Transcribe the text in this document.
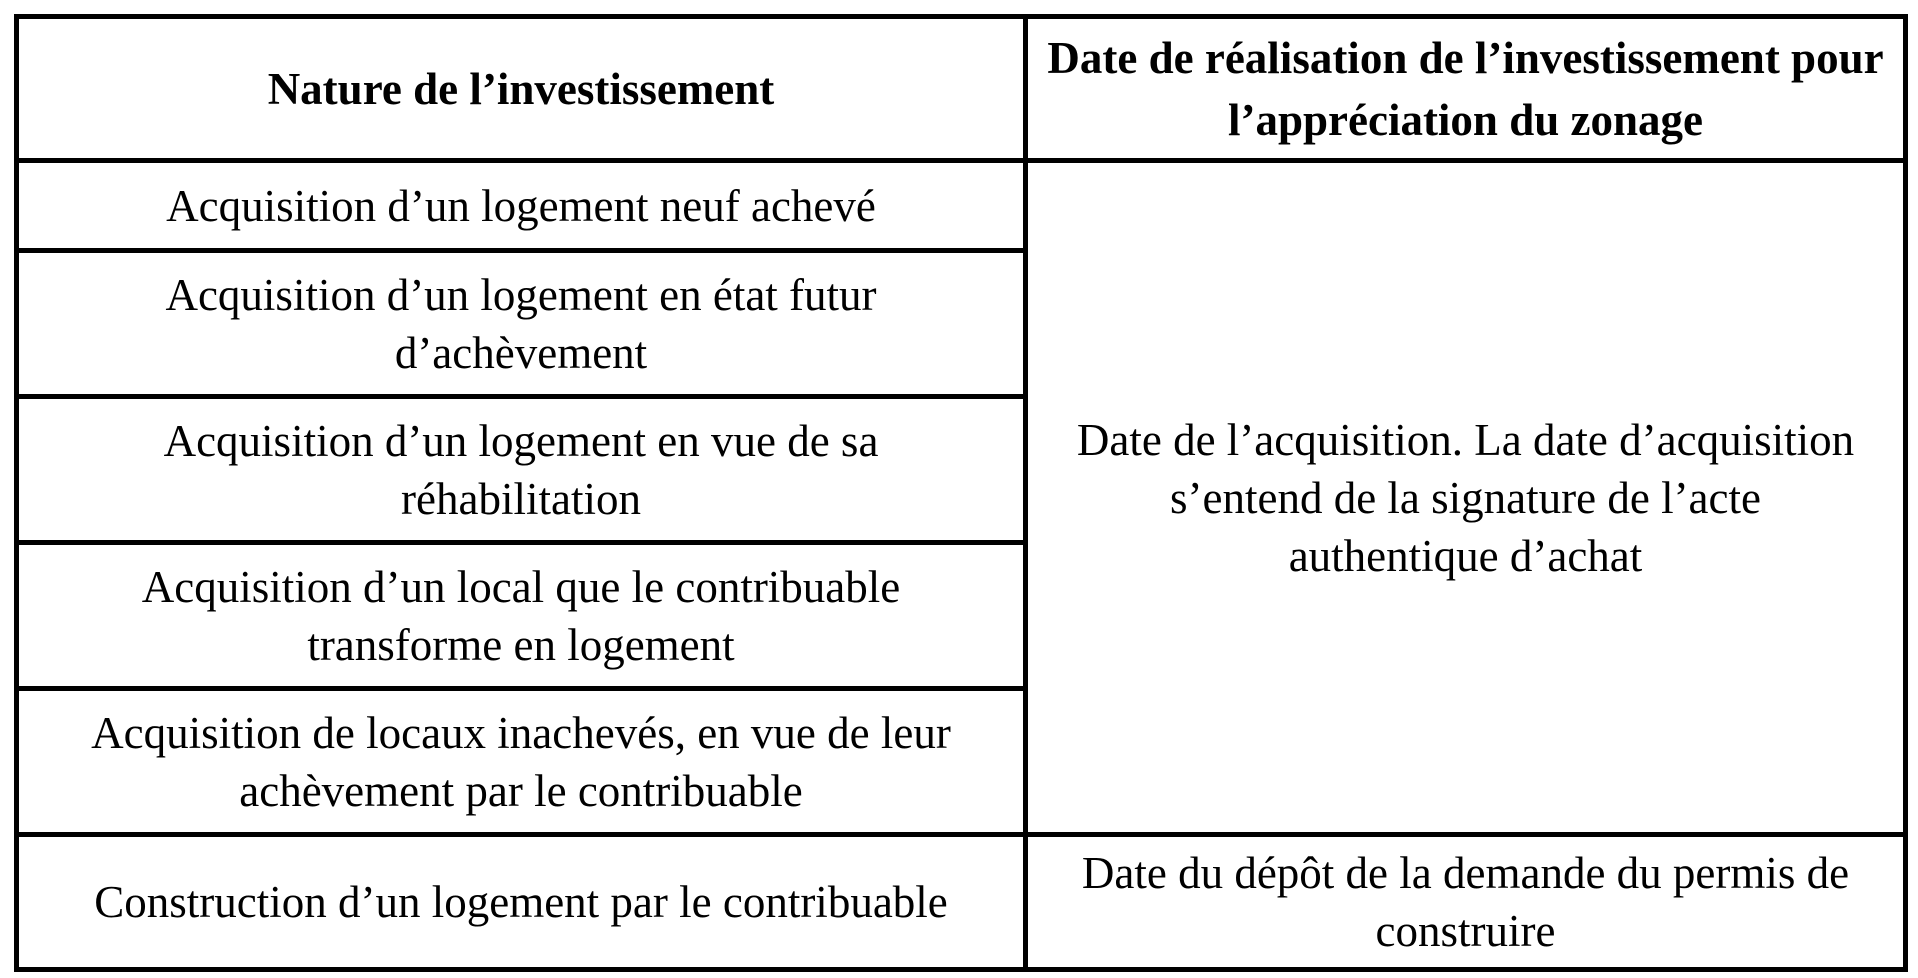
Nature de l’investissement	Date de réalisation de l’investissement pour l’appréciation du zonage
Acquisition d’un logement neuf achevé	Date de l’acquisition. La date d’acquisition s’entend de la signature de l’acte authentique d’achat
Acquisition d’un logement en état futur d’achèvement	
Acquisition d’un logement en vue de sa réhabilitation	
Acquisition d’un local que le contribuable transforme en logement	
Acquisition de locaux inachevés, en vue de leur achèvement par le contribuable	
Construction d’un logement par le contribuable	Date du dépôt de la demande du permis de construire
